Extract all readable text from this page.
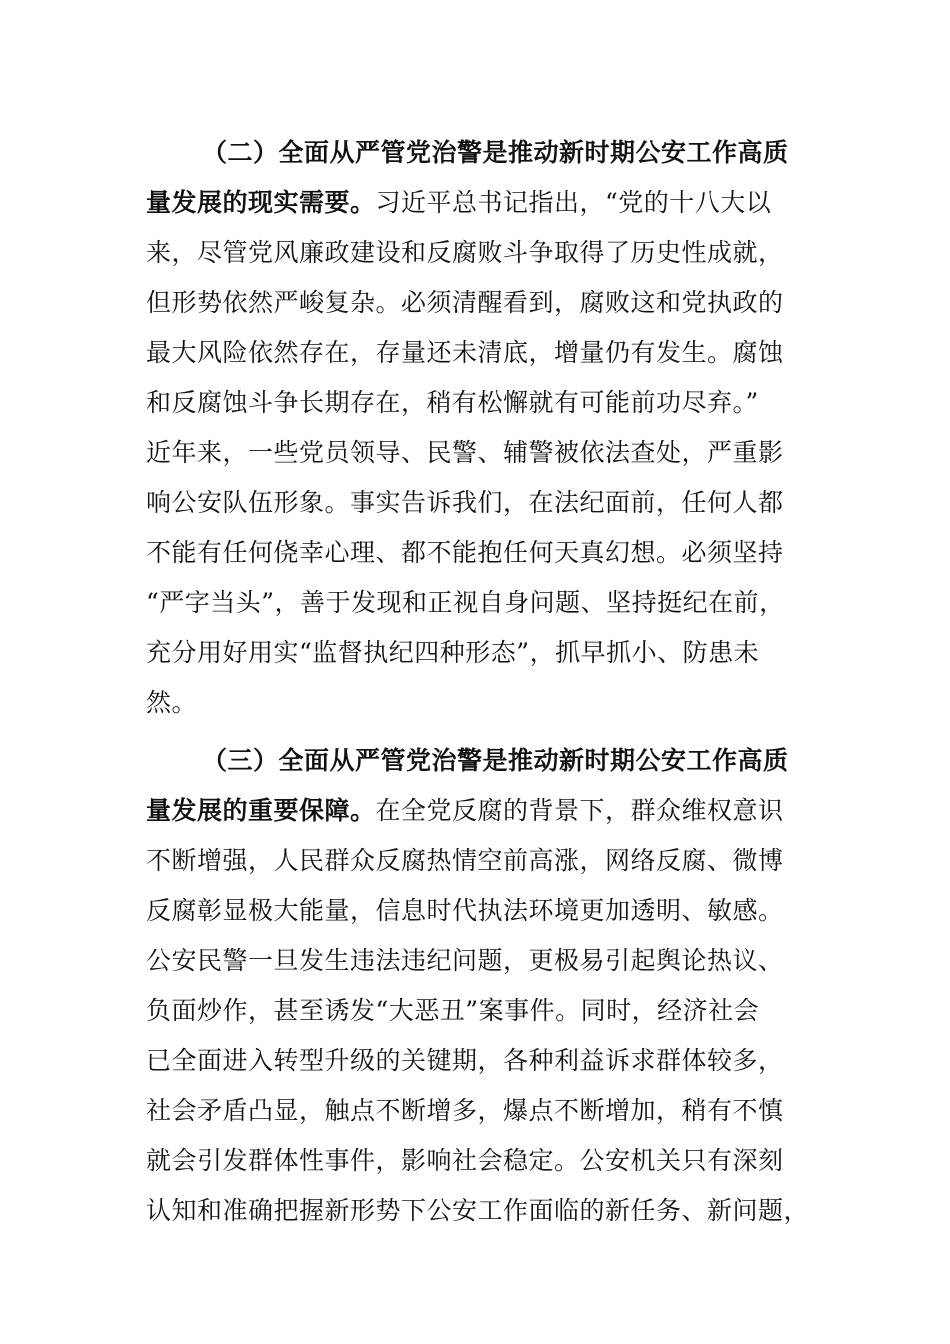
（二）全面从严管党治警是推动新时期公安工作高质
量发展的现实需要。习近平总书记指出，“党的十八大以
来，尽管党风廉政建设和反腐败斗争取得了历史性成就，
但形势依然严峻复杂。必须清醒看到，腐败这和党执政的
最大风险依然存在，存量还未清底，增量仍有发生。腐蚀
和反腐蚀斗争长期存在，稍有松懈就有可能前功尽弃。”
近年来，一些党员领导、民警、辅警被依法查处，严重影
响公安队伍形象。事实告诉我们，在法纪面前，任何人都
不能有任何侥幸心理、都不能抱任何天真幻想。必须坚持
“严字当头”，善于发现和正视自身问题、坚持挺纪在前，
充分用好用实“监督执纪四种形态”，抓早抓小、防患未
然。
（三）全面从严管党治警是推动新时期公安工作高质
量发展的重要保障。在全党反腐的背景下，群众维权意识
不断增强，人民群众反腐热情空前高涨，网络反腐、微博
反腐彰显极大能量，信息时代执法环境更加透明、敏感。
公安民警一旦发生违法违纪问题，更极易引起舆论热议、
负面炒作，甚至诱发“大恶丑”案事件。同时，经济社会
已全面进入转型升级的关键期，各种利益诉求群体较多，
社会矛盾凸显，触点不断增多，爆点不断增加，稍有不慎
就会引发群体性事件，影响社会稳定。公安机关只有深刻
认知和准确把握新形势下公安工作面临的新任务、新问题，
